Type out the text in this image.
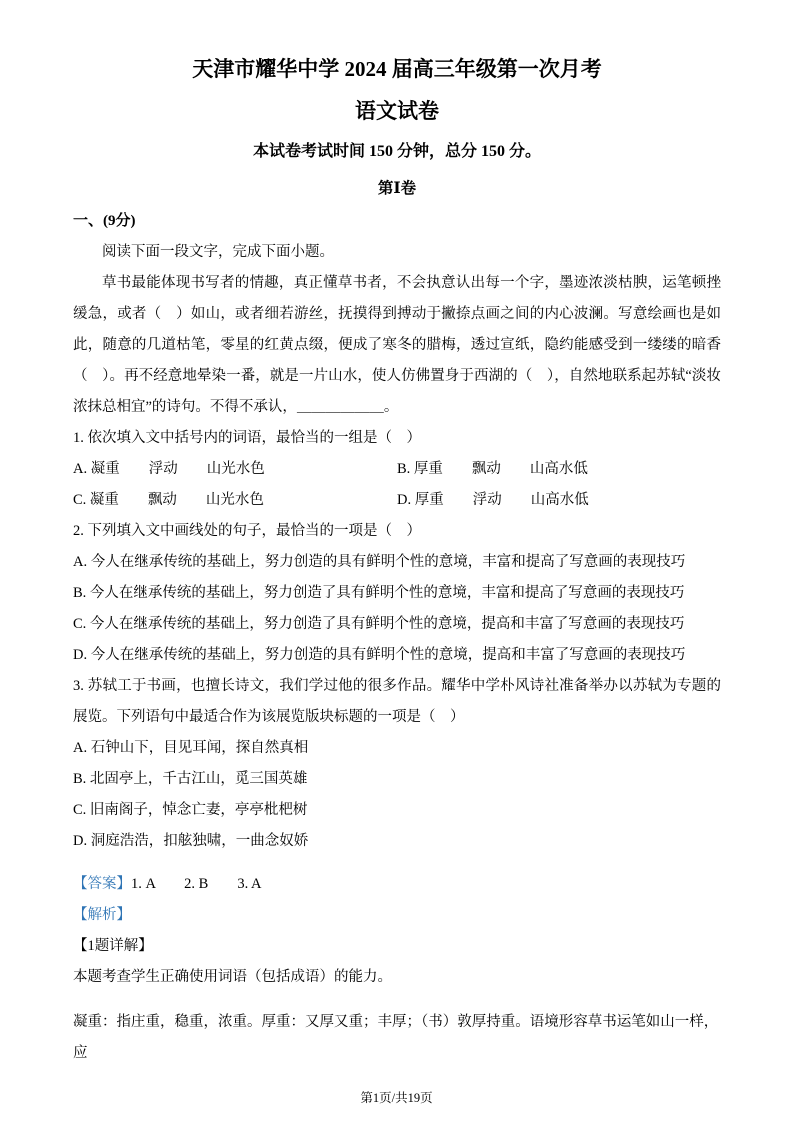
天津市耀华中学 2024 届高三年级第一次月考
语文试卷

本试卷考试时间 150 分钟，总分 150 分。

第Ⅰ卷

一、(9分)

阅读下面一段文字，完成下面小题。

草书最能体现书写者的情趣，真正懂草书者，不会执意认出每一个字，墨迹浓淡枯腴，运笔顿挫缓急，或者（　）如山，或者细若游丝，抚摸得到搏动于撇捺点画之间的内心波澜。写意绘画也是如此，随意的几道枯笔，零星的红黄点缀，便成了寒冬的腊梅，透过宣纸，隐约能感受到一缕缕的暗香（　）。再不经意地晕染一番，就是一片山水，使人仿佛置身于西湖的（　），自然地联系起苏轼“淡妆浓抹总相宜”的诗句。不得不承认，＿＿＿＿＿＿。

1. 依次填入文中括号内的词语，最恰当的一组是（　）

A. 凝重　　浮动　　山光水色	B. 厚重　　飘动　　山高水低

C. 凝重　　飘动　　山光水色	D. 厚重　　浮动　　山高水低

2. 下列填入文中画线处的句子，最恰当的一项是（　）

A. 今人在继承传统的基础上，努力创造的具有鲜明个性的意境，丰富和提高了写意画的表现技巧

B. 今人在继承传统的基础上，努力创造了具有鲜明个性的意境，丰富和提高了写意画的表现技巧

C. 今人在继承传统的基础上，努力创造了具有鲜明个性的意境，提高和丰富了写意画的表现技巧

D. 今人在继承传统的基础上，努力创造的具有鲜明个性的意境，提高和丰富了写意画的表现技巧

3. 苏轼工于书画，也擅长诗文，我们学过他的很多作品。耀华中学朴风诗社准备举办以苏轼为专题的展览。下列语句中最适合作为该展览版块标题的一项是（　）

A. 石钟山下，目见耳闻，探自然真相

B. 北固亭上，千古江山，觅三国英雄

C. 旧南阁子，悼念亡妻，亭亭枇杷树

D. 洞庭浩浩，扣舷独啸，一曲念奴娇

【答案】1. A　　2. B　　3. A

【解析】

【1题详解】

本题考查学生正确使用词语（包括成语）的能力。

凝重：指庄重，稳重，浓重。厚重：又厚又重；丰厚；（书）敦厚持重。语境形容草书运笔如山一样，应

第1页/共19页
